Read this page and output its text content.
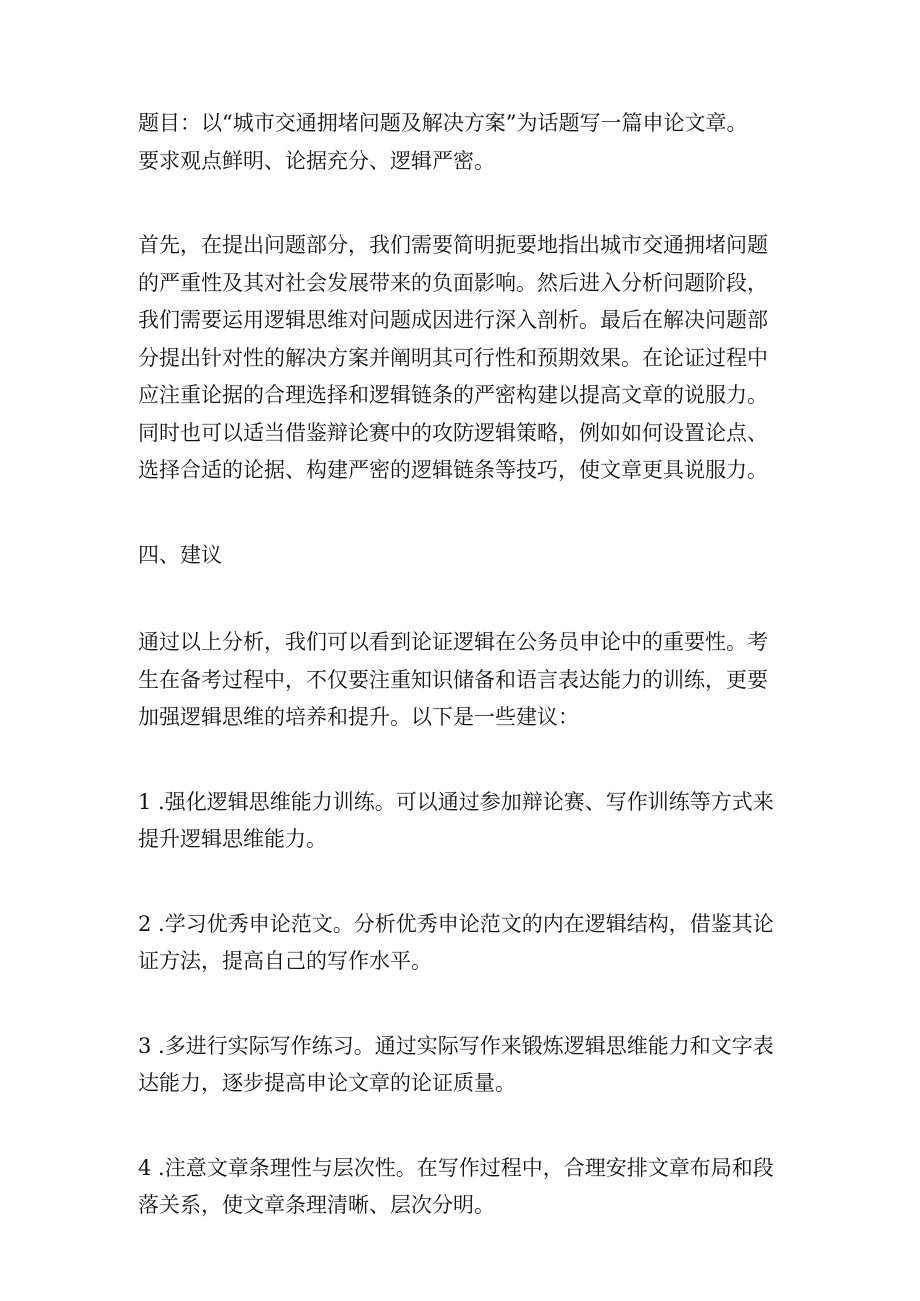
题目：以“城市交通拥堵问题及解决方案”为话题写一篇申论文章。
要求观点鲜明、论据充分、逻辑严密。

首先，在提出问题部分，我们需要简明扼要地指出城市交通拥堵问题
的严重性及其对社会发展带来的负面影响。然后进入分析问题阶段，
我们需要运用逻辑思维对问题成因进行深入剖析。最后在解决问题部
分提出针对性的解决方案并阐明其可行性和预期效果。在论证过程中
应注重论据的合理选择和逻辑链条的严密构建以提高文章的说服力。
同时也可以适当借鉴辩论赛中的攻防逻辑策略，例如如何设置论点、
选择合适的论据、构建严密的逻辑链条等技巧，使文章更具说服力。

四、建议

通过以上分析，我们可以看到论证逻辑在公务员申论中的重要性。考
生在备考过程中，不仅要注重知识储备和语言表达能力的训练，更要
加强逻辑思维的培养和提升。以下是一些建议：

1 .强化逻辑思维能力训练。可以通过参加辩论赛、写作训练等方式来
提升逻辑思维能力。

2 .学习优秀申论范文。分析优秀申论范文的内在逻辑结构，借鉴其论
证方法，提高自己的写作水平。

3 .多进行实际写作练习。通过实际写作来锻炼逻辑思维能力和文字表
达能力，逐步提高申论文章的论证质量。

4 .注意文章条理性与层次性。在写作过程中，合理安排文章布局和段
落关系，使文章条理清晰、层次分明。
